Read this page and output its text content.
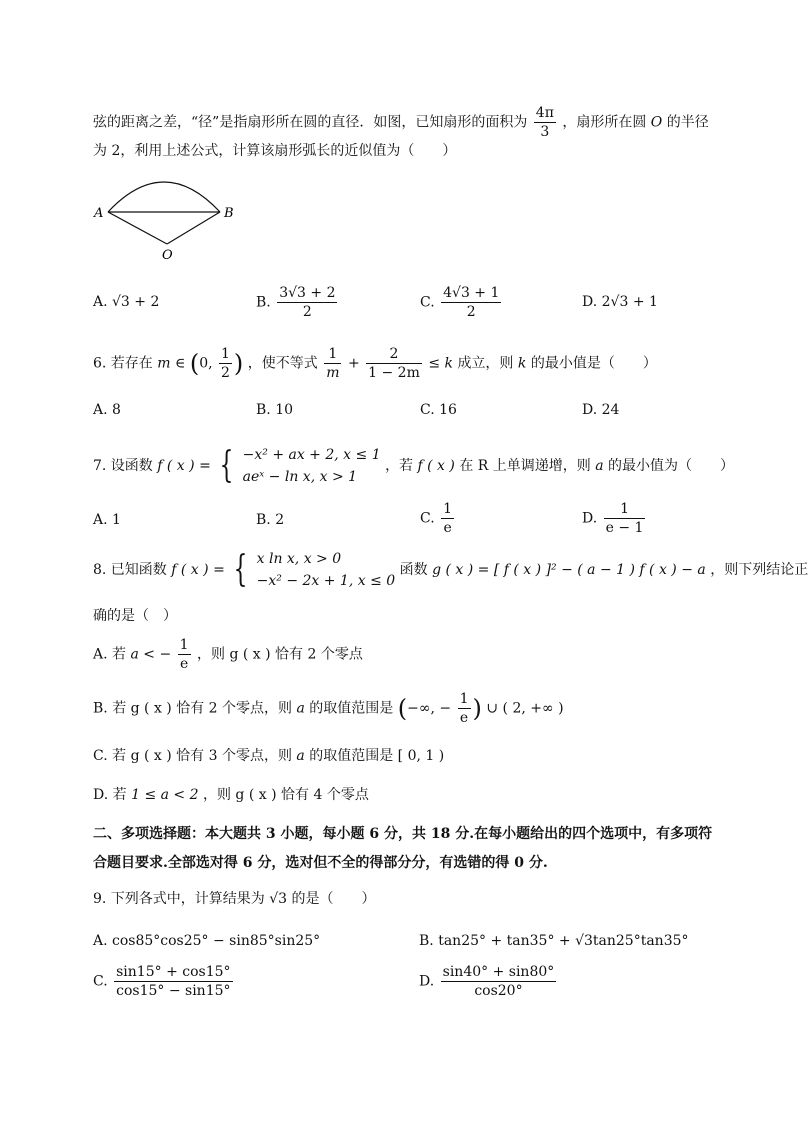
弦的距离之差，“径”是指扇形所在圆的直径．如图，已知扇形的面积为 $\frac{4\pi}{3}$ ，扇形所在圆 O 的半径
为 2，利用上述公式，计算该扇形弧长的近似值为（　　）
A	B
O
A. √3 + 2	B. $\frac{3√3 + 2}{2}$	C. $\frac{4√3 + 1}{2}$	D. 2√3 + 1
6. 若存在 m ∈ (0, $\frac{1}{2}$ ) ，使不等式 $\frac{1}{m} + \frac{2}{1 - 2m} \le k$ 成立，则 k 的最小值是（　　）
A. 8	B. 10	C. 16	D. 24
7. 设函数 f ( x ) = { −x² + ax + 2, x ≤ 1
aeˣ − ln x, x > 1
，若 f ( x ) 在 R 上单调递增，则 a 的最小值为（　　）
A. 1	B. 2	C. $\frac{1}{e}$	D. $\frac{1}{e - 1}$
8. 已知函数 f ( x ) = { x ln x, x > 0
−x² − 2x + 1, x ≤ 0
函数 g ( x ) = [ f ( x ) ]² − ( a − 1 ) f ( x ) − a ，则下列结论正
确的是（　）
A. 若 a < − $\frac{1}{e}$ ，则 g ( x ) 恰有 2 个零点
B. 若 g ( x ) 恰有 2 个零点，则 a 的取值范围是 (−∞, − $\frac{1}{e}$ ) ∪ ( 2, +∞ )
C. 若 g ( x ) 恰有 3 个零点，则 a 的取值范围是 [ 0, 1 )
D. 若 1 ≤ a < 2 ，则 g ( x ) 恰有 4 个零点
二、多项选择题：本大题共 3 小题，每小题 6 分，共 18 分.在每小题给出的四个选项中，有多项符
合题目要求.全部选对得 6 分，选对但不全的得部分分，有选错的得 0 分.
9. 下列各式中，计算结果为 √3 的是（　　）
A. cos85°cos25° − sin85°sin25°	B. tan25° + tan35° + √3tan25°tan35°
C. $\frac{\sin 15^\circ + \cos 15^\circ}{\cos 15^\circ - \sin 15^\circ}$	D. $\frac{\sin 40^\circ + \sin 80^\circ}{\cos 20^\circ}$
